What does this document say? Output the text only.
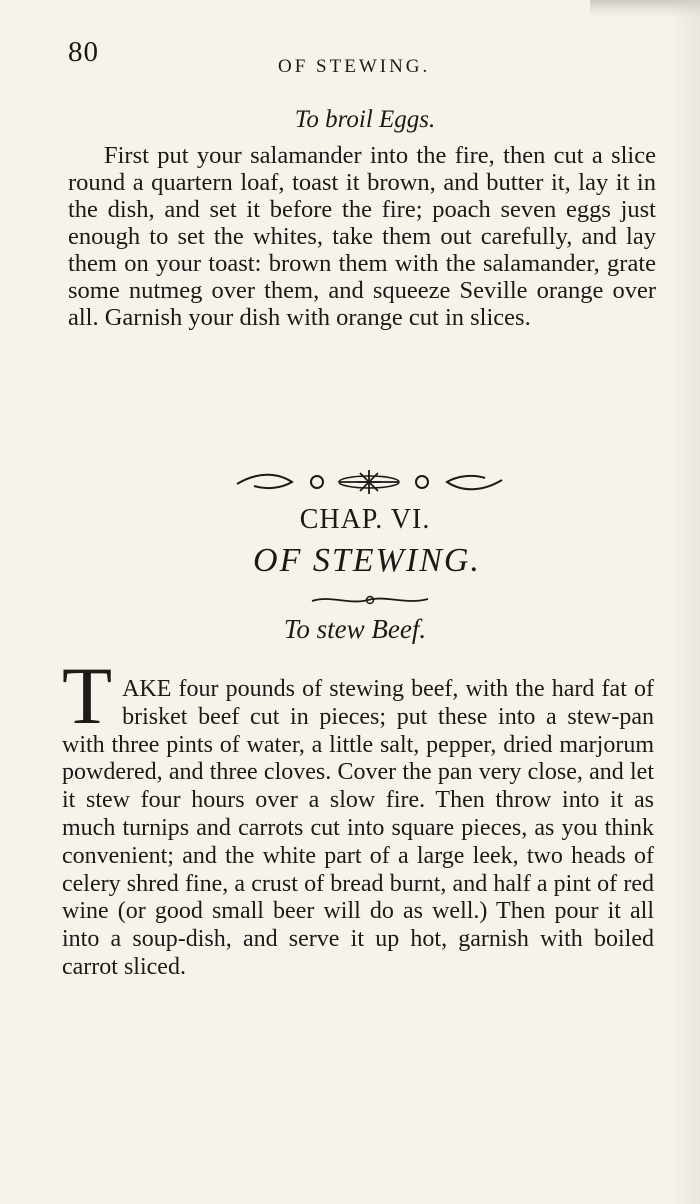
80	OF STEWING.
To broil Eggs.

First put your salamander into the fire, then cut a slice round a quartern loaf, toast it brown, and butter it, lay it in the dish, and set it before the fire; poach seven eggs just enough to set the whites, take them out carefully, and lay them on your toast: brown them with the salamander, grate some nutmeg over them, and squeeze Seville orange over all. Garnish your dish with orange cut in slices.

CHAP. VI.
OF STEWING.
To stew Beef.

TAKE four pounds of stewing beef, with the hard fat of brisket beef cut in pieces; put these into a stew-pan with three pints of water, a little salt, pepper, dried marjorum powdered, and three cloves. Cover the pan very close, and let it stew four hours over a slow fire. Then throw into it as much turnips and carrots cut into square pieces, as you think convenient; and the white part of a large leek, two heads of celery shred fine, a crust of bread burnt, and half a pint of red wine (or good small beer will do as well.) Then pour it all into a soup-dish, and serve it up hot, garnish with boiled carrot sliced.
